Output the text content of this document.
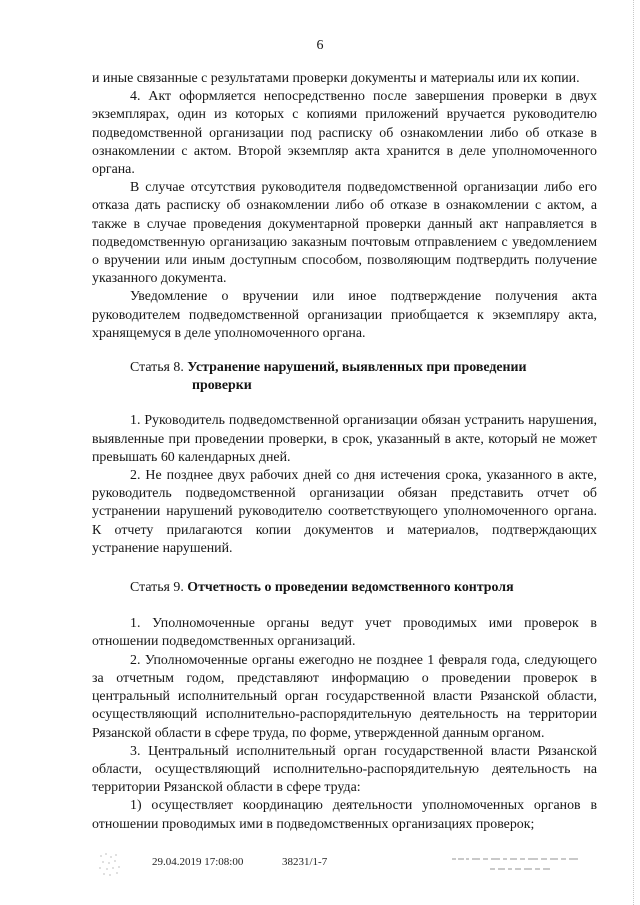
6

и иные связанные с результатами проверки документы и материалы или их копии.

4. Акт оформляется непосредственно после завершения проверки в двух экземплярах, один из которых с копиями приложений вручается руководителю подведомственной организации под расписку об ознакомлении либо об отказе в ознакомлении с актом. Второй экземпляр акта хранится в деле уполномоченного органа.

В случае отсутствия руководителя подведомственной организации либо его отказа дать расписку об ознакомлении либо об отказе в ознакомлении с актом, а также в случае проведения документарной проверки данный акт направляется в подведомственную организацию заказным почтовым отправлением с уведомлением о вручении или иным доступным способом, позволяющим подтвердить получение указанного документа.

Уведомление о вручении или иное подтверждение получения акта руководителем подведомственной организации приобщается к экземпляру акта, хранящемуся в деле уполномоченного органа.

Статья 8. Устранение нарушений, выявленных при проведении
проверки

1. Руководитель подведомственной организации обязан устранить нарушения, выявленные при проведении проверки, в срок, указанный в акте, который не может превышать 60 календарных дней.

2. Не позднее двух рабочих дней со дня истечения срока, указанного в акте, руководитель подведомственной организации обязан представить отчет об устранении нарушений руководителю соответствующего уполномоченного органа. К отчету прилагаются копии документов и материалов, подтверждающих устранение нарушений.

Статья 9. Отчетность о проведении ведомственного контроля

1. Уполномоченные органы ведут учет проводимых ими проверок в отношении подведомственных организаций.

2. Уполномоченные органы ежегодно не позднее 1 февраля года, следующего за отчетным годом, представляют информацию о проведении проверок в центральный исполнительный орган государственной власти Рязанской области, осуществляющий исполнительно-распорядительную деятельность на территории Рязанской области в сфере труда, по форме, утвержденной данным органом.

3. Центральный исполнительный орган государственной власти Рязанской области, осуществляющий исполнительно-распорядительную деятельность на территории Рязанской области в сфере труда:

1) осуществляет координацию деятельности уполномоченных органов в отношении проводимых ими в подведомственных организациях проверок;

29.04.2019 17:08:00	38231/1-7
